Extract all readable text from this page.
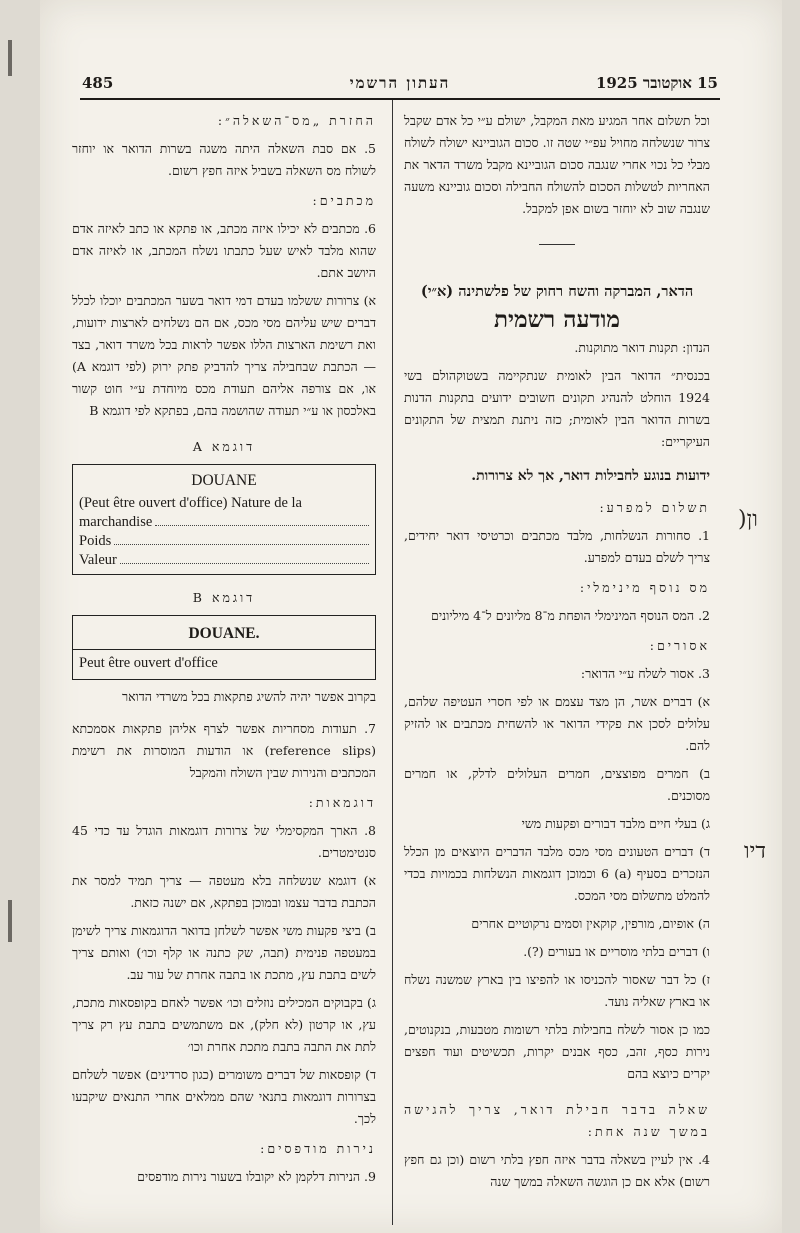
485	העתון הרשמי	15 אוקטובר 1925

וכל תשלום אחר המגיע מאת המקבל, ישולם ע״י כל אדם שקבל צרור שנשלחה מחויל עפ״י שטה זו. סכום הגוביינא ישולח לשולח מבלי כל נכוי אחרי שנגבה סכום הגוביינא מקבל משרד הדאר את האחריות לטשלות הסכום להשולח החבילה וסכום גוביינא משעה שנגבה שוב לא יוחזר בשום אפן למקבל.

הדאר, המברקה והשח רחוק של פלשתינה (א״י)
מודעה רשמית

הנדון: תקנות דואר מתוקנות.

בכנסית״ הדואר הבין לאומית שנתקיימה בשטוקהולם בשי 1924 הוחלט להנהיג תקונים חשובים ידועים בתקנות הדנות בשרות הדואר הבין לאומית; כזה ניתנת תמצית של התקונים העיקריים:

ידועות בנוגע לחבילות דואר, אך לא צרורות.
תשלום למפרע:

1. סחורות הנשלחות, מלבד מכתבים וכרטיסי דואר יחידים, צריך לשלם בעדם למפרע.

מס נוסף מינימלי:

2. המס הנוסף המינימלי הופחת מ־8 מליונים ל־4 מיליונים

אסורים:

3. אסור לשלח ע״י הדואר:

א) דברים אשר, הן מצד עצמם או לפי חסרי העטיפה שלהם, עלולים לסכן את פקידי הדואר או להשחית מכתבים או להזיק להם.

ב) חמרים מפוצצים, חמרים העלולים לדלק, או חמרים מסוכנים.

ג) בעלי חיים מלבד דבורים ופקעות משי

ד) דברים הטעונים מסי מכס מלבד הדברים היוצאים מן הכלל הנזכרים בסעיף (a) 6 וכמוכן דוגמאות הנשלחות בכמויות בכדי להמלט מתשלום מסי המכס.

ה) אופיום, מורפין, קוקאין וסמים נרקוטיים אחרים

ו) דברים בלתי מוסריים או בעורים (?).

ז) כל דבר שאסור להכניסו או להפיצו בין בארץ שמשנה נשלח או בארץ שאליה נועד.

כמו כן אסור לשלח בחבילות בלתי רשומות מטבעות, בנקנוטים, נירות כסף, זהב, כסף אבנים יקרות, תכשיטים ועוד חפצים יקרים כיוצא בהם

שאלה בדבר חבילת דואר, צריך להגישה במשך שנה אחת:

4. אין לעיין בשאלה בדבר איזה חפץ בלתי רשום (וכן גם חפץ רשום) אלא אם כן הוגשה השאלה במשך שנה

החזרת „מס־השאלה״:

5. אם סבת השאלה היתה משגה בשרות הדואר או יוחזר לשולח מס השאלה בשביל איזה חפץ רשום.

מכתבים:

6. מכתבים לא יכילו איזה מכתב, או פתקא או כתב לאיזה אדם שהוא מלבד לאיש שעל כתבתו נשלח המכתב, או לאיזה אדם היושב אתם.

א) צרורות ששלמו בעדם דמי דואר בשער המכתבים יוכלו לכלל דברים שיש עליהם מסי מכס, אם הם נשלחים לארצות ידועות, ואת רשימת הארצות הללו אפשר לראות בכל משרד דואר, בצד — הכתבת שבחבילה צריך להדביק פתק ירוק (לפי דוגמא A) או, אם צורפה אליהם תעודת מכס מיוחדת ע״י חוט קשור באלכסון או ע״י תעודה שהושמה בהם, בפתקא לפי דוגמא B

דוגמא A
DOUANE
(Peut être ouvert d'office) Nature de la
marchandise
Poids
Valeur
דוגמא B
DOUANE.
Peut être ouvert d'office

בקרוב אפשר יהיה להשיג פתקאות בכל משרדי הדואר

7. תעודות מסחריות אפשר לצרף אליהן פתקאות אסמכתא (reference slips) או הודעות המוסרות את רשימת המכתבים והנירות שבין השולח והמקבל

דוגמאות:

8. הארך המקסימלי של צרורות דוגמאות הוגדל עד כדי 45 סנטימטרים.

א) דוגמא שנשלחה בלא מעטפה — צריך תמיד למסר את הכתבת בדבר עצמו ובמוכן בפתקא, אם ישנה כזאת.

ב) ביצי פקעות משי אפשר לשלחן בדואר הדוגמאות צריך לשימן במעטפה פנימית (תבה, שק כתנה או קלף וכו׳) ואותם צריך לשים בתבת עץ, מתכת או בתבה אחרת של עור עב.

ג) בקבוקים המכילים נוזלים וכו׳ אפשר לאחם בקופסאות מתכת, עץ, או קרטון (לא חלק), אם משתמשים בתבת עץ רק צריך לתת את התבה בתבת מתכת אחרת וכו׳

ד) קופסאות של דברים משומרים (כגון סרדינים) אפשר לשלחם בצרורות דוגמאות בתנאי שהם ממלאים אחרי התנאים שיקבעו לכך.

נירות מודפסים:

9. הנירות דלקמן לא יקובלו בשעור נירות מודפסים

)ון
דיו
